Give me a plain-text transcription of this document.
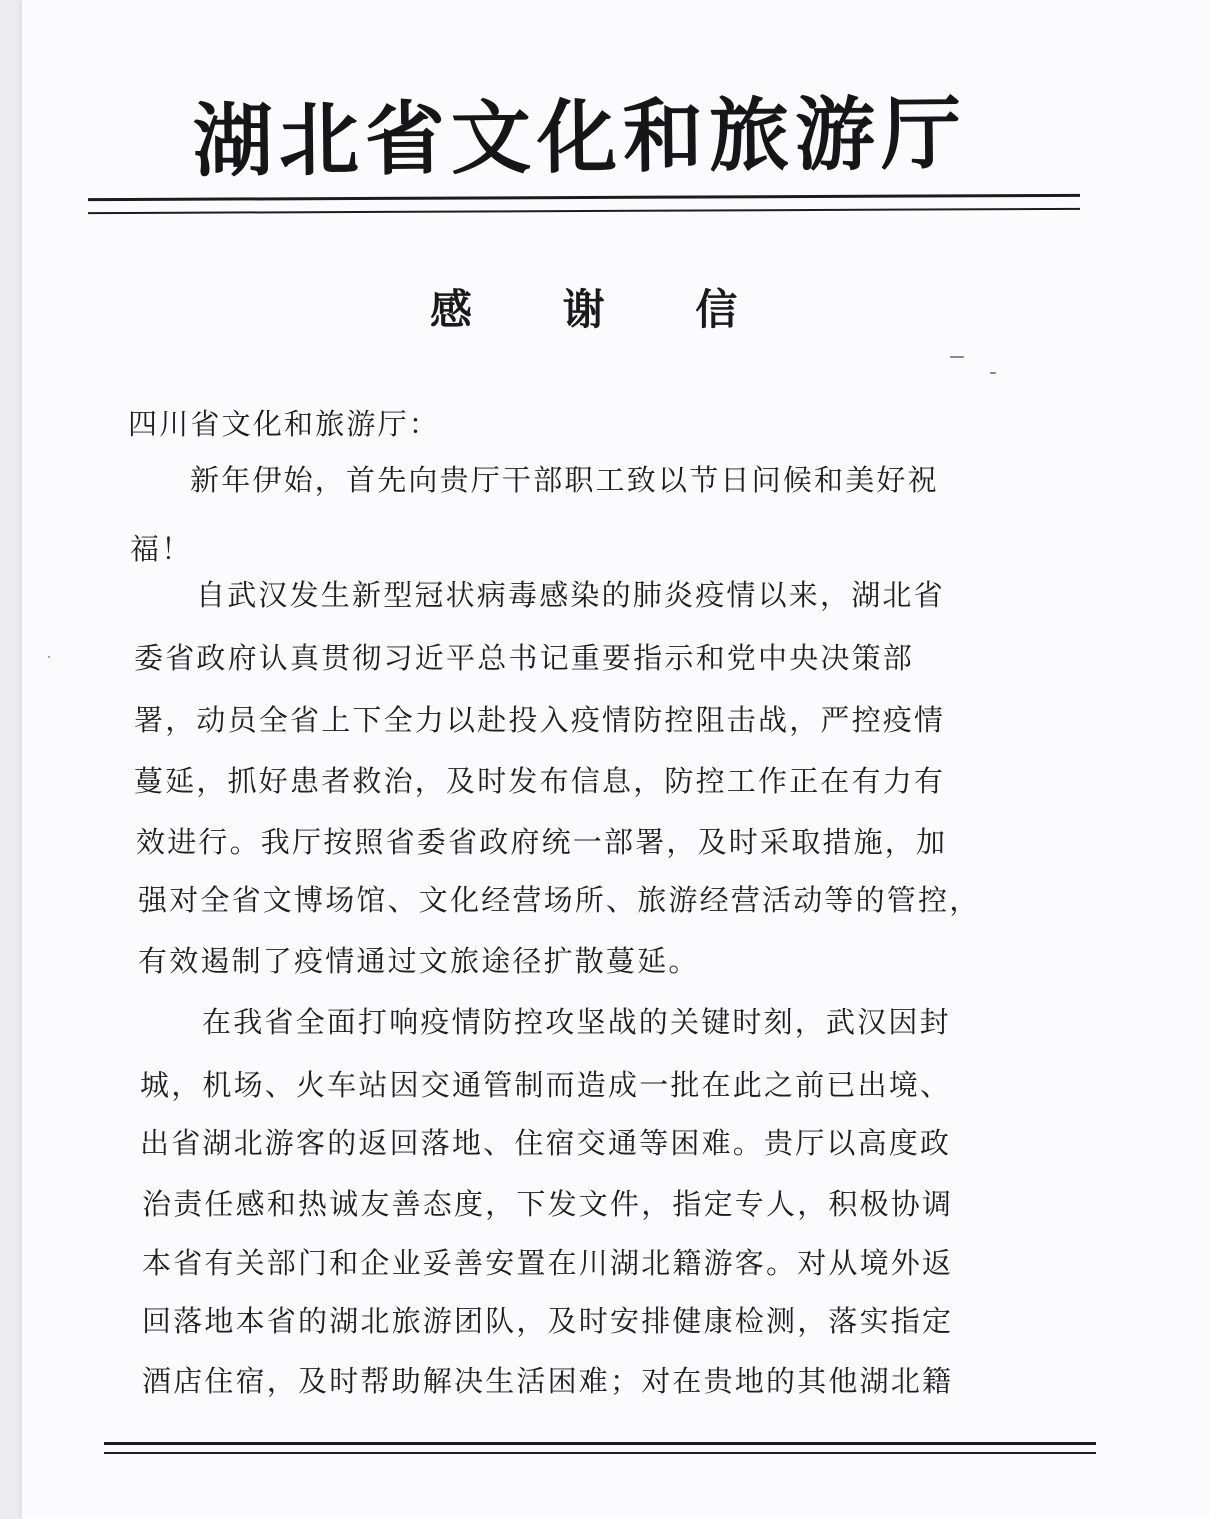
湖北省文化和旅游厅
感 谢 信
四川省文化和旅游厅：
新年伊始，首先向贵厅干部职工致以节日问候和美好祝
福！
自武汉发生新型冠状病毒感染的肺炎疫情以来，湖北省
委省政府认真贯彻习近平总书记重要指示和党中央决策部
署，动员全省上下全力以赴投入疫情防控阻击战，严控疫情
蔓延，抓好患者救治，及时发布信息，防控工作正在有力有
效进行。我厅按照省委省政府统一部署，及时采取措施，加
强对全省文博场馆、文化经营场所、旅游经营活动等的管控，
有效遏制了疫情通过文旅途径扩散蔓延。
在我省全面打响疫情防控攻坚战的关键时刻，武汉因封
城，机场、火车站因交通管制而造成一批在此之前已出境、
出省湖北游客的返回落地、住宿交通等困难。贵厅以高度政
治责任感和热诚友善态度，下发文件，指定专人，积极协调
本省有关部门和企业妥善安置在川湖北籍游客。对从境外返
回落地本省的湖北旅游团队，及时安排健康检测，落实指定
酒店住宿，及时帮助解决生活困难；对在贵地的其他湖北籍
